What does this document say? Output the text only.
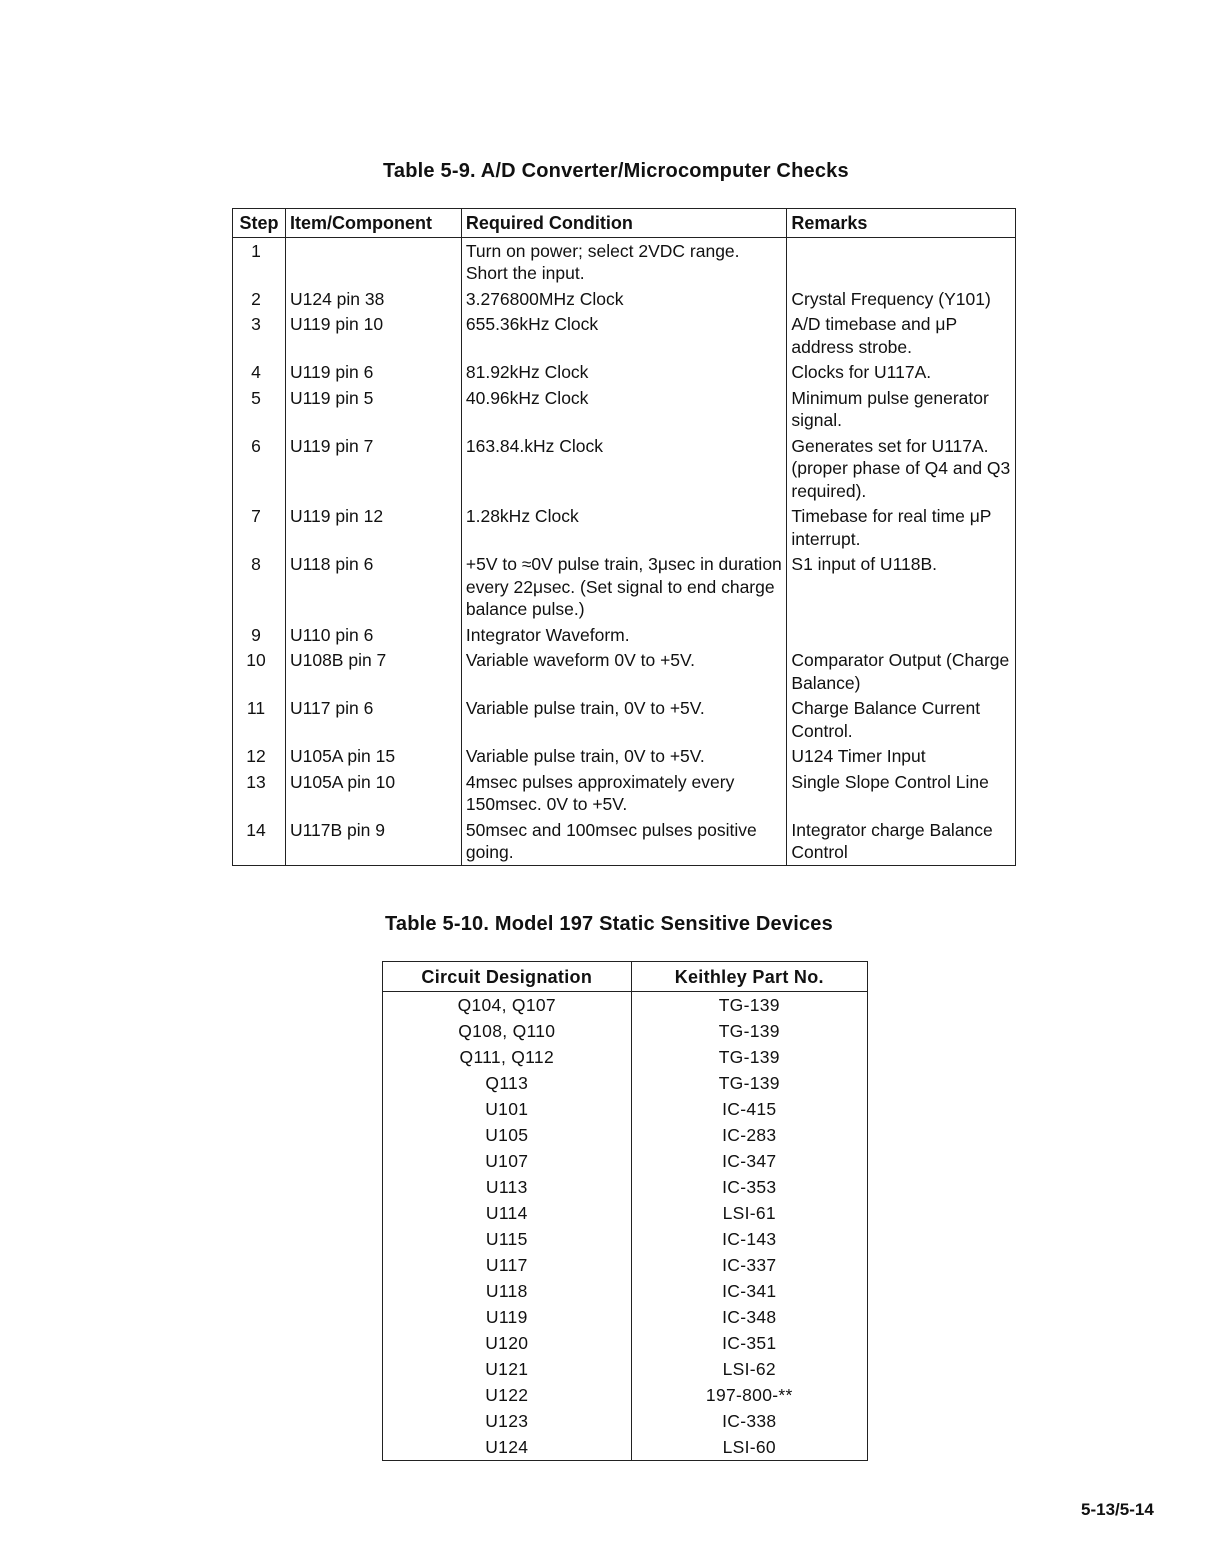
Table 5-9. A/D Converter/Microcomputer Checks
Step	Item/Component	Required Condition	Remarks
1		Turn on power; select 2VDC range. Short the input.	
2	U124 pin 38	3.276800MHz Clock	Crystal Frequency (Y101)
3	U119 pin 10	655.36kHz Clock	A/D timebase and μP address strobe.
4	U119 pin 6	81.92kHz Clock	Clocks for U117A.
5	U119 pin 5	40.96kHz Clock	Minimum pulse generator signal.
6	U119 pin 7	163.84.kHz Clock	Generates set for U117A. (proper phase of Q4 and Q3 required).
7	U119 pin 12	1.28kHz Clock	Timebase for real time μP interrupt.
8	U118 pin 6	+5V to ≈0V pulse train, 3μsec in duration every 22μsec. (Set signal to end charge balance pulse.)	S1 input of U118B.
9	U110 pin 6	Integrator Waveform.	
10	U108B pin 7	Variable waveform 0V to +5V.	Comparator Output (Charge Balance)
11	U117 pin 6	Variable pulse train, 0V to +5V.	Charge Balance Current Control.
12	U105A pin 15	Variable pulse train, 0V to +5V.	U124 Timer Input
13	U105A pin 10	4msec pulses approximately every 150msec. 0V to +5V.	Single Slope Control Line
14	U117B pin 9	50msec and 100msec pulses positive going.	Integrator charge Balance Control
Table 5-10. Model 197 Static Sensitive Devices
Circuit Designation	Keithley Part No.
Q104, Q107	TG-139
Q108, Q110	TG-139
Q111, Q112	TG-139
Q113	TG-139
U101	IC-415
U105	IC-283
U107	IC-347
U113	IC-353
U114	LSI-61
U115	IC-143
U117	IC-337
U118	IC-341
U119	IC-348
U120	IC-351
U121	LSI-62
U122	197-800-**
U123	IC-338
U124	LSI-60
5-13/5-14
